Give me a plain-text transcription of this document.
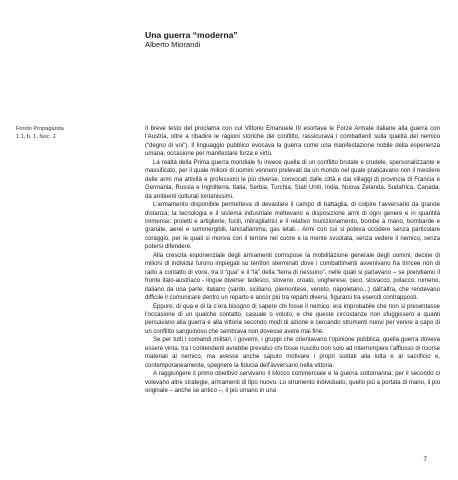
Una guerra “moderna”
Alberto Miorandi
Fondo Propaganda
1.1, b. 1, fasc. 1

Il breve testo del proclama con cui Vittorio Emanuele III esortava le Forze Armate italiane alla guerra con l’Austria, oltre a ribadire le ragioni storiche del conflitto, rassicurava i combattenti sulla qualità del nemico (“degno di voi”). Il linguaggio pubblico evocava la guerra come una manifestazione nobile della esperienza umana, occasione per manifestare forza e virtù.

La realtà della Prima guerra mondiale fu invece quella di un conflitto brutale e crudele, spersonalizzante e massificato, per il quale milioni di uomini vennero prelevati da un mondo nel quale praticavano non il mestiere delle armi ma attività e professioni le più diverse, convocati dalle città e dai villaggi di provincia di Francia e Germania, Russia e Inghilterra, Italia, Serbia, Turchia, Stati Uniti, India, Nuova Zelanda, Sudafrica, Canada, da ambienti culturali lontanissimi.

L’armamento disponibile permetteva di devastare il campo di battaglia, di colpire l’avversario da grande distanza; la tecnologia e il sistema industriale mettevano a disposizione armi di ogni genere e in quantità immense: proietti e artiglierie, fucili, mitragliatrici e il relativo munizionamento, bombe a mano, bombarde e granate, aerei e sommergibili, lanciafiamme, gas letali... Armi con cui si poteva uccidere senza particolare coraggio, per le quali si moriva con il terrore nel cuore e la mente svuotata, senza vedere il nemico, senza potersi difendere.

Alla crescita esponenziale degli armamenti corrispose la mobilitazione generale degli uomini; decine di milioni di individui furono impiegati su territori sterminati dove i combattimenti avvenivano fra trincee non di rado a contatto di voce, tra il “qua” e il “là” della “terra di nessuno”, nelle quali si parlavano – se prendiamo il fronte italo-austriaco - lingue diverse: tedesco, sloveno, croato, ungherese, ceco, slovacco, polacco, rumeno, italiano da una parte; italiano (sardo, siciliano, piemontese, veneto, napoletano...) dall’altra, che rendevano difficile il comunicare dentro un reparto e ancor più tra reparti diversi, figurarsi tra eserciti contrapposti.

Eppure, di qua e di là c’era bisogno di sapere chi fosse il nemico: era improbabile che non si presentasse l’occasione di un qualche contatto, casuale o voluto, e che queste circostanze non sfuggissero a quanti pensavano alla guerra e alla vittoria secondo modi di azione e cercando strumenti nuovi per venire a capo di un conflitto sanguinoso che sembrava non dovesse avere mai fine.

Se per tutti i comandi militari, i governi, i gruppi che orientavano l’opinione pubblica, quella guerra doveva essere vinta, tra i contendenti avrebbe prevalso chi fosse riuscito non solo ad interrompere l’afflusso di risorse materiali al nemico, ma avesse anche saputo motivare i propri soldati alla lotta e al sacrificio e, contemporaneamente, spegnere la fiducia dell’avversario nella vittoria.

A raggiungere il primo obiettivo servivano il blocco commerciale e la guerra sottomarina; per il secondo ci volevano altre strategie, armamenti di tipo nuovo. Lo strumento individuato, quello più a portata di mano, il più originale – anche se antico –, il più umano in una

7
